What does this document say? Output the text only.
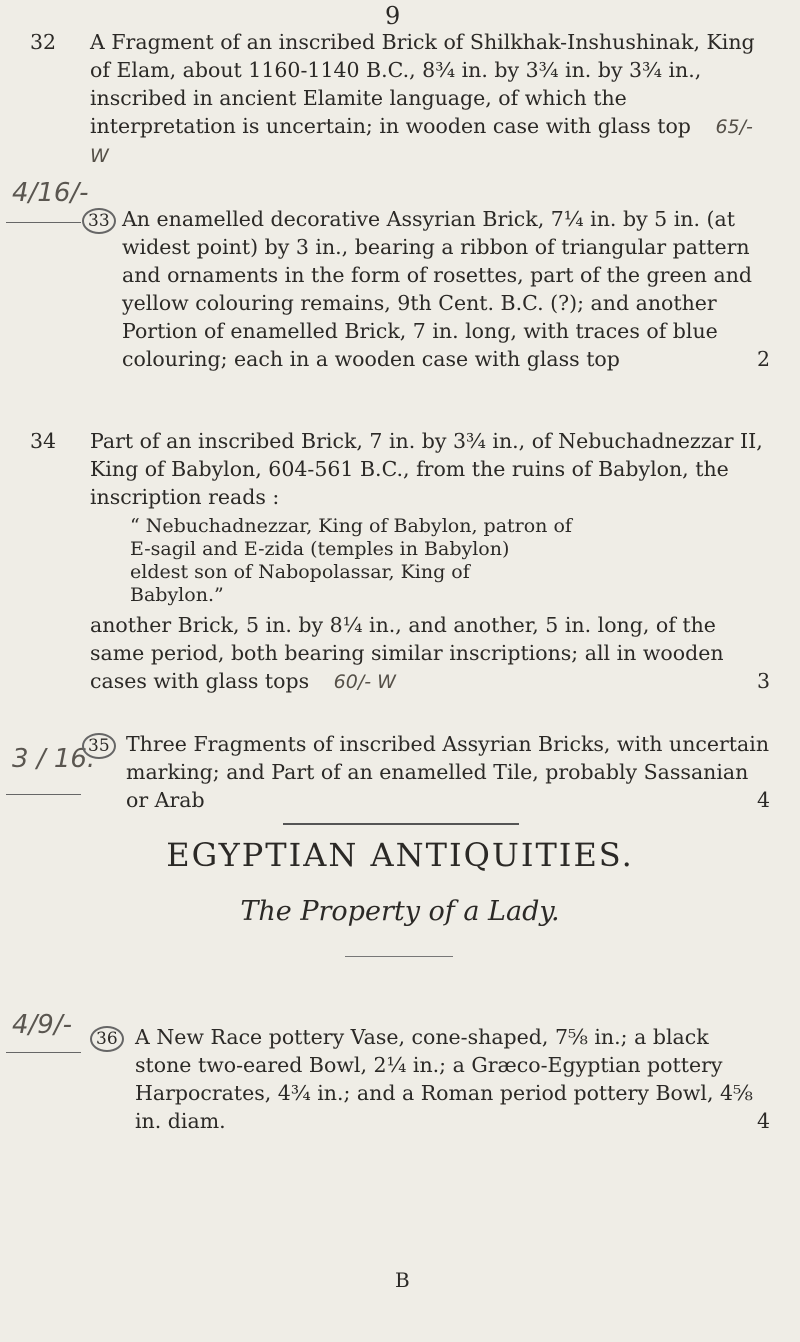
9
32	A Fragment of an inscribed Brick of Shilkhak-Inshushinak, King of Elam, about 1160-1140 B.C., 8¾ in. by 3¾ in. by 3¾ in., inscribed in ancient Elamite language, of which the interpretation is uncertain; in wooden case with glass top 65/- W
4/16/-
33 An enamelled decorative Assyrian Brick, 7¼ in. by 5 in. (at widest point) by 3 in., bearing a ribbon of triangular pattern and ornaments in the form of rosettes, part of the green and yellow colouring remains, 9th Cent. B.C. (?); and another Portion of enamelled Brick, 7 in. long, with traces of blue colouring; each in a wooden case with glass top	2
34	Part of an inscribed Brick, 7 in. by 3¾ in., of Nebuchadnezzar II, King of Babylon, 604-561 B.C., from the ruins of Babylon, the inscription reads :
“ Nebuchadnezzar, King of Babylon, patron of
E-sagil and E-zida (temples in Babylon)
eldest son of Nabopolassar, King of
Babylon.”
another Brick, 5 in. by 8¼ in., and another, 5 in. long, of the same period, both bearing similar inscriptions; all in wooden cases with glass tops 60/- W	3
3 / 16.
35 Three Fragments of inscribed Assyrian Bricks, with uncertain marking; and Part of an enamelled Tile, probably Sassanian or Arab	4
EGYPTIAN ANTIQUITIES.
The Property of a Lady.
4/9/-	36 A New Race pottery Vase, cone-shaped, 7⅝ in.; a black stone two-eared Bowl, 2¼ in.; a Græco-Egyptian pottery Harpocrates, 4¾ in.; and a Roman period pottery Bowl, 4⅝ in. diam.	4
B
